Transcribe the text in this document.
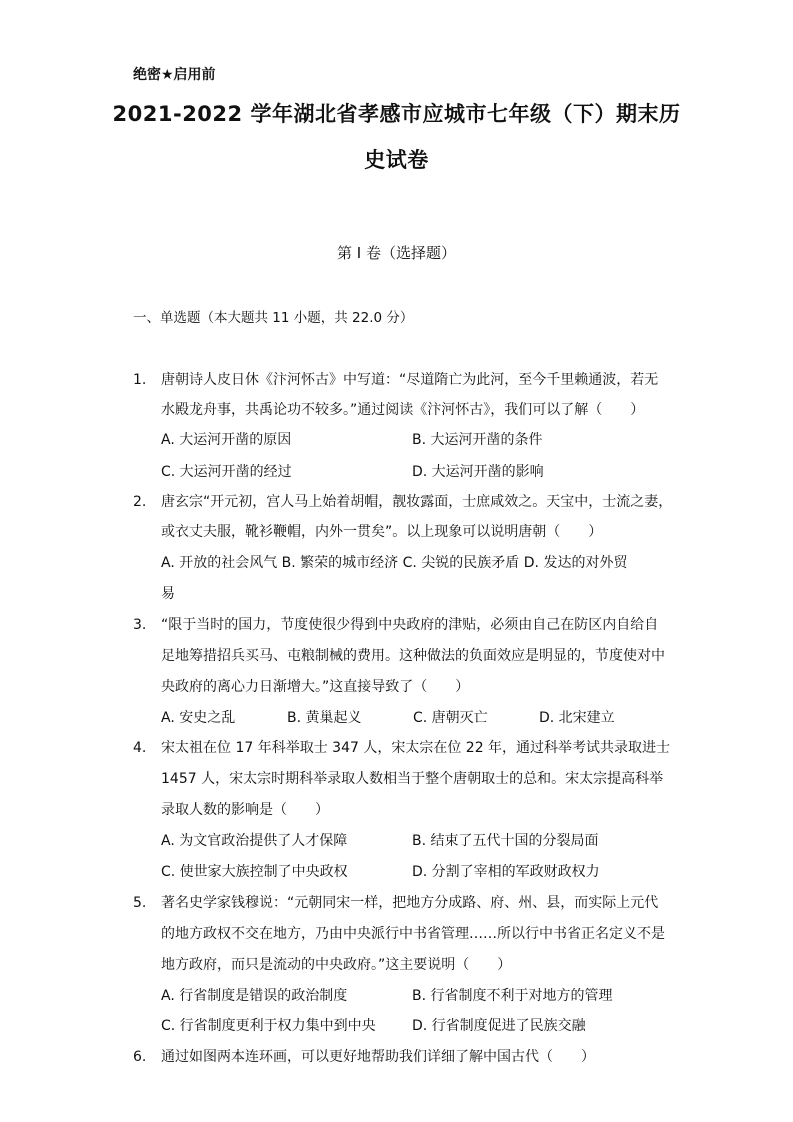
绝密★启用前
2021-2022 学年湖北省孝感市应城市七年级（下）期末历
史试卷
第 I 卷（选择题）
一、单选题（本大题共 11 小题，共 22.0 分）
1. 唐朝诗人皮日休《汴河怀古》中写道：“尽道隋亡为此河，至今千里赖通波，若无
水殿龙舟事，共禹论功不较多。”通过阅读《汴河怀古》，我们可以了解（　　）
A. 大运河开凿的原因	B. 大运河开凿的条件
C. 大运河开凿的经过	D. 大运河开凿的影响
2. 唐玄宗“开元初，宫人马上始着胡帽，靓妆露面，士庶咸效之。天宝中，士流之妻，
或衣丈夫服，靴衫鞭帽，内外一贯矣”。以上现象可以说明唐朝（　　）
A. 开放的社会风气 B. 繁荣的城市经济 C. 尖锐的民族矛盾 D. 发达的对外贸
易
3. “限于当时的国力，节度使很少得到中央政府的津贴，必须由自己在防区内自给自
足地筹措招兵买马、屯粮制械的费用。这种做法的负面效应是明显的，节度使对中
央政府的离心力日渐增大。”这直接导致了（　　）
A. 安史之乱	B. 黄巢起义	C. 唐朝灭亡	D. 北宋建立
4. 宋太祖在位 17 年科举取士 347 人，宋太宗在位 22 年，通过科举考试共录取进士
1457 人，宋太宗时期科举录取人数相当于整个唐朝取士的总和。宋太宗提高科举
录取人数的影响是（　　）
A. 为文官政治提供了人才保障	B. 结束了五代十国的分裂局面
C. 使世家大族控制了中央政权	D. 分割了宰相的军政财政权力
5. 著名史学家钱穆说：“元朝同宋一样，把地方分成路、府、州、县，而实际上元代
的地方政权不交在地方，乃由中央派行中书省管理……所以行中书省正名定义不是
地方政府，而只是流动的中央政府。”这主要说明（　　）
A. 行省制度是错误的政治制度	B. 行省制度不利于对地方的管理
C. 行省制度更利于权力集中到中央	D. 行省制度促进了民族交融
6. 通过如图两本连环画，可以更好地帮助我们详细了解中国古代（　　）
